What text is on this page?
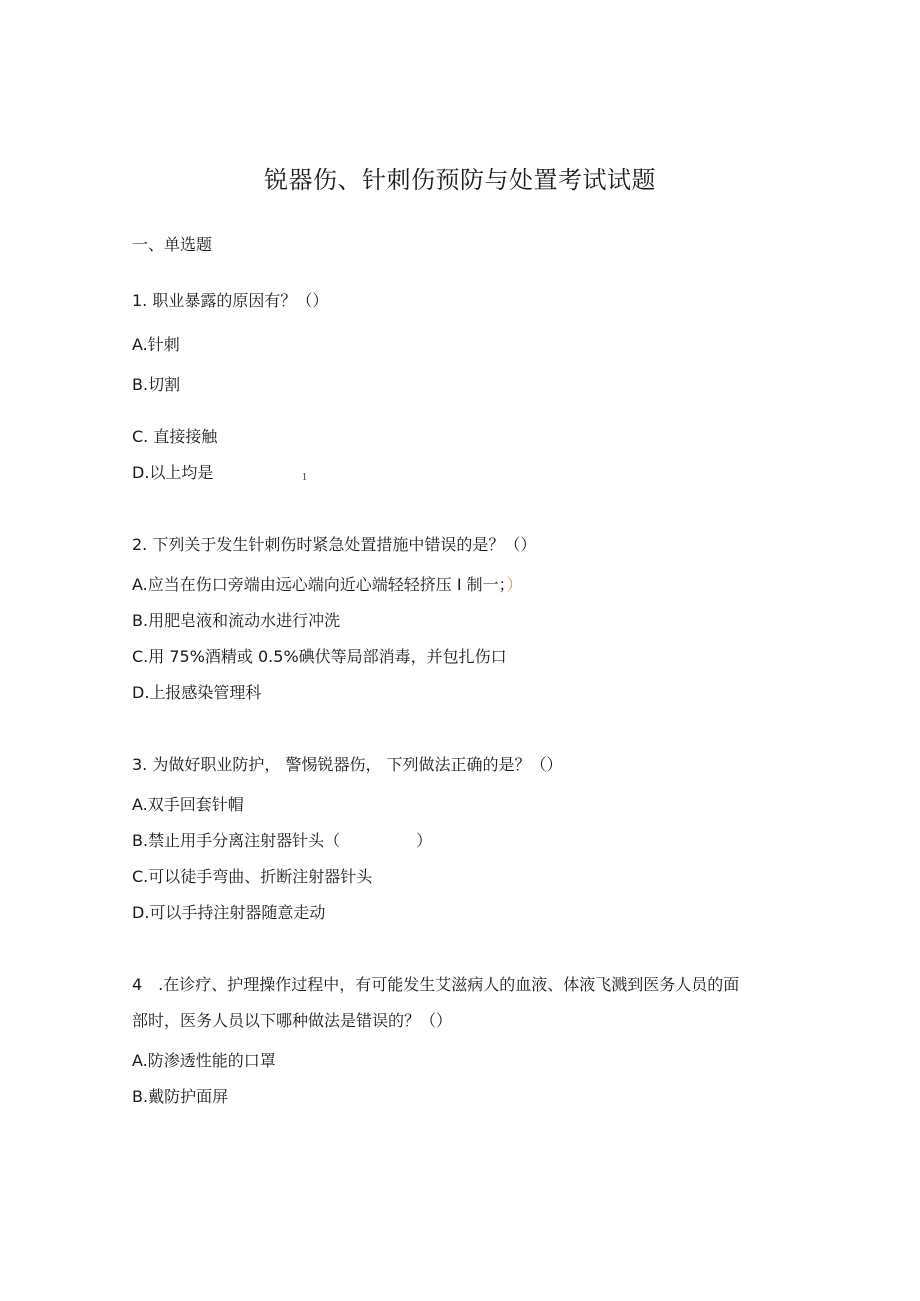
锐器伤、针刺伤预防与处置考试试题
一、单选题
1. 职业暴露的原因有？（）
A.针刺
B.切割
C. 直接接触
D.以上均是	1
2. 下列关于发生针刺伤时紧急处置措施中错误的是？（）
A.应当在伤口旁端由远心端向近心端轻轻挤压 I 制一；）
B.用肥皂液和流动水进行冲洗
C.用 75%酒精或 0.5%碘伏等局部消毒，并包扎伤口
D.上报感染管理科
3. 为做好职业防护， 警惕锐器伤， 下列做法正确的是？（）
A.双手回套针帽
B.禁止用手分离注射器针头（	）
C.可以徒手弯曲、折断注射器针头
D.可以手持注射器随意走动
4　.在诊疗、护理操作过程中，有可能发生艾滋病人的血液、体液飞溅到医务人员的面
部时，医务人员以下哪种做法是错误的？（）
A.防渗透性能的口罩
B.戴防护面屏
